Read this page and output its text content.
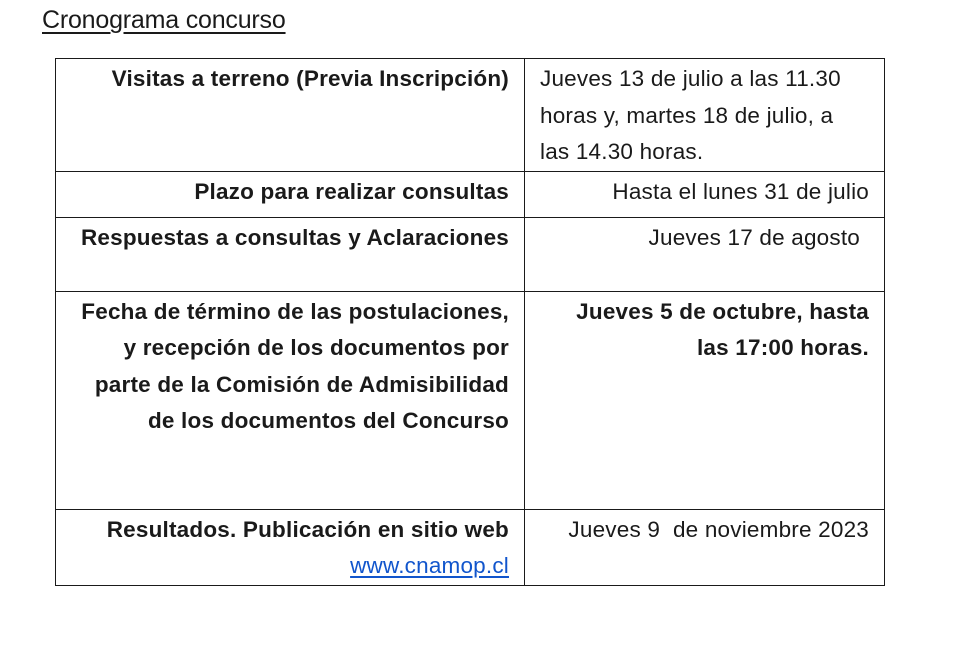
Cronograma concurso
Visitas a terreno (Previa Inscripción)	Jueves 13 de julio a las 11.30 horas y, martes 18 de julio, a las 14.30 horas.
Plazo para realizar consultas	Hasta el lunes 31 de julio
Respuestas a consultas y Aclaraciones	Jueves 17 de agosto
Fecha de término de las postulaciones, y recepción de los documentos por parte de la Comisión de Admisibilidad de los documentos del Concurso	Jueves 5 de octubre, hasta las 17:00 horas.
Resultados. Publicación en sitio web www.cnamop.cl	Jueves 9  de noviembre 2023
